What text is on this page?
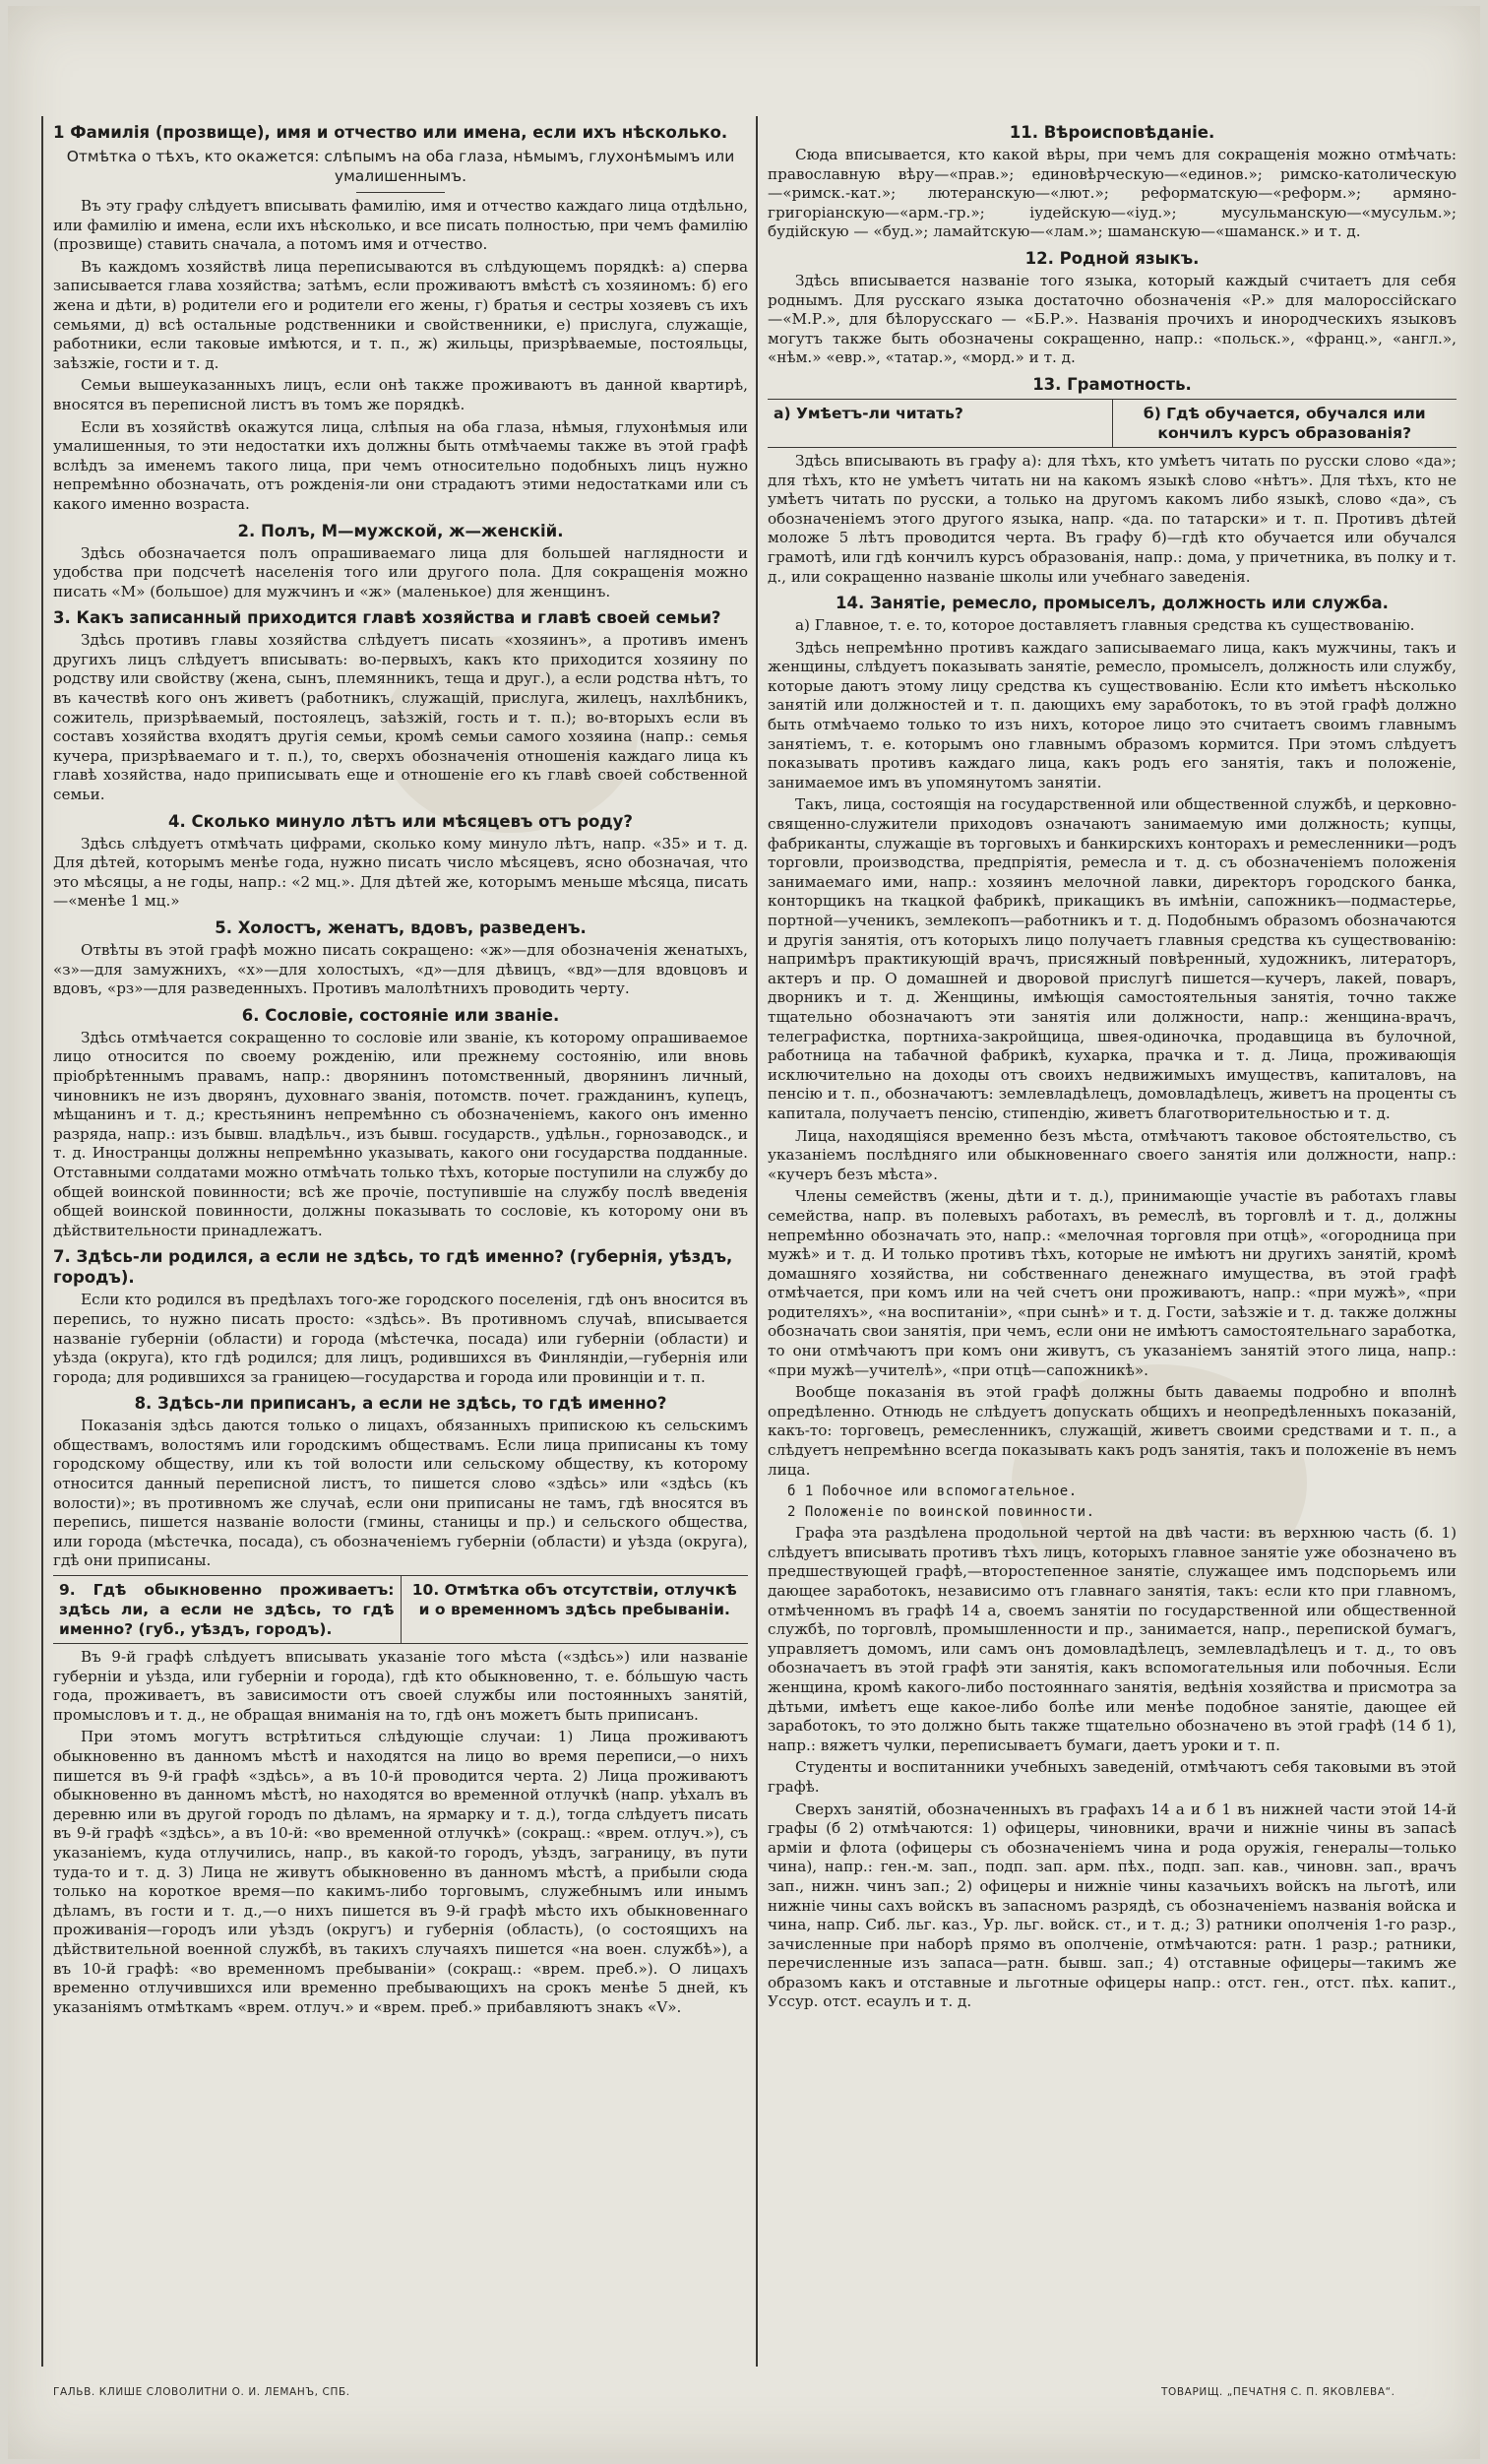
1 Фамилія (прозвище), имя и отчество или имена, если ихъ нѣсколько.
Отмѣтка о тѣхъ, кто окажется: слѣпымъ на оба глаза, нѣмымъ, глухонѣмымъ или умалишеннымъ.

Въ эту графу слѣдуетъ вписывать фамилію, имя и отчество каждаго лица отдѣльно, или фамилію и имена, если ихъ нѣсколько, и все писать полностью, при чемъ фамилію (прозвище) ставить сначала, а потомъ имя и отчество.

Въ каждомъ хозяйствѣ лица переписываются въ слѣдующемъ порядкѣ: а) сперва записывается глава хозяйства; затѣмъ, если проживаютъ вмѣстѣ съ хозяиномъ: б) его жена и дѣти, в) родители его и родители его жены, г) братья и сестры хозяевъ съ ихъ семьями, д) всѣ остальные родственники и свойственники, е) прислуга, служащіе, работники, если таковые имѣются, и т. п., ж) жильцы, призрѣваемые, постояльцы, заѣзжіе, гости и т. д.

Семьи вышеуказанныхъ лицъ, если онѣ также проживаютъ въ данной квартирѣ, вносятся въ переписной листъ въ томъ же порядкѣ.

Если въ хозяйствѣ окажутся лица, слѣпыя на оба глаза, нѣмыя, глухонѣмыя или умалишенныя, то эти недостатки ихъ должны быть отмѣчаемы также въ этой графѣ вслѣдъ за именемъ такого лица, при чемъ относительно подобныхъ лицъ нужно непремѣнно обозначать, отъ рожденія-ли они страдаютъ этими недостатками или съ какого именно возраста.

2. Полъ, М—мужской, ж—женскій.

Здѣсь обозначается полъ опрашиваемаго лица для большей наглядности и удобства при подсчетѣ населенія того или другого пола. Для сокращенія можно писать «М» (большое) для мужчинъ и «ж» (маленькое) для женщинъ.

3. Какъ записанный приходится главѣ хозяйства и главѣ своей семьи?

Здѣсь противъ главы хозяйства слѣдуетъ писать «хозяинъ», а противъ именъ другихъ лицъ слѣдуетъ вписывать: во-первыхъ, какъ кто приходится хозяину по родству или свойству (жена, сынъ, племянникъ, теща и друг.), а если родства нѣтъ, то въ качествѣ кого онъ живетъ (работникъ, служащій, прислуга, жилецъ, нахлѣбникъ, сожитель, призрѣваемый, постоялецъ, заѣзжій, гость и т. п.); во-вторыхъ если въ составъ хозяйства входятъ другія семьи, кромѣ семьи самого хозяина (напр.: семья кучера, призрѣваемаго и т. п.), то, сверхъ обозначенія отношенія каждаго лица къ главѣ хозяйства, надо приписывать еще и отношеніе его къ главѣ своей собственной семьи.

4. Сколько минуло лѣтъ или мѣсяцевъ отъ роду?

Здѣсь слѣдуетъ отмѣчать цифрами, сколько кому минуло лѣтъ, напр. «35» и т. д. Для дѣтей, которымъ менѣе года, нужно писать число мѣсяцевъ, ясно обозначая, что это мѣсяцы, а не годы, напр.: «2 мц.». Для дѣтей же, которымъ меньше мѣсяца, писать—«менѣе 1 мц.»

5. Холостъ, женатъ, вдовъ, разведенъ.

Отвѣты въ этой графѣ можно писать сокращено: «ж»—для обозначенія женатыхъ, «з»—для замужнихъ, «х»—для холостыхъ, «д»—для дѣвицъ, «вд»—для вдовцовъ и вдовъ, «рз»—для разведенныхъ. Противъ малолѣтнихъ проводить черту.

6. Сословіе, состояніе или званіе.

Здѣсь отмѣчается сокращенно то сословіе или званіе, къ которому опрашиваемое лицо относится по своему рожденію, или прежнему состоянію, или вновь пріобрѣтеннымъ правамъ, напр.: дворянинъ потомственный, дворянинъ личный, чиновникъ не изъ дворянъ, духовнаго званія, потомств. почет. гражданинъ, купецъ, мѣщанинъ и т. д.; крестьянинъ непремѣнно съ обозначеніемъ, какого онъ именно разряда, напр.: изъ бывш. владѣльч., изъ бывш. государств., удѣльн., горнозаводск., и т. д. Иностранцы должны непремѣнно указывать, какого они государства подданные. Отставными солдатами можно отмѣчать только тѣхъ, которые поступили на службу до общей воинской повинности; всѣ же прочіе, поступившіе на службу послѣ введенія общей воинской повинности, должны показывать то сословіе, къ которому они въ дѣйствительности принадлежатъ.

7. Здѣсь-ли родился, а если не здѣсь, то гдѣ именно? (губернія, уѣздъ, городъ).

Если кто родился въ предѣлахъ того-же городского поселенія, гдѣ онъ вносится въ перепись, то нужно писать просто: «здѣсь». Въ противномъ случаѣ, вписывается названіе губерніи (области) и города (мѣстечка, посада) или губерніи (области) и уѣзда (округа), кто гдѣ родился; для лицъ, родившихся въ Финляндіи,—губернія или города; для родившихся за границею—государства и города или провинціи и т. п.

8. Здѣсь-ли приписанъ, а если не здѣсь, то гдѣ именно?

Показанія здѣсь даются только о лицахъ, обязанныхъ припискою къ сельскимъ обществамъ, волостямъ или городскимъ обществамъ. Если лица приписаны къ тому городскому обществу, или къ той волости или сельскому обществу, къ которому относится данный переписной листъ, то пишется слово «здѣсь» или «здѣсь (къ волости)»; въ противномъ же случаѣ, если они приписаны не тамъ, гдѣ вносятся въ перепись, пишется названіе волости (гмины, станицы и пр.) и сельского общества, или города (мѣстечка, посада), съ обозначеніемъ губерніи (области) и уѣзда (округа), гдѣ они приписаны.

9. Гдѣ обыкновенно проживаетъ: здѣсь ли, а если не здѣсь, то гдѣ именно? (губ., уѣздъ, городъ).
10. Отмѣтка объ отсутствіи, отлучкѣ и о временномъ здѣсь пребываніи.

Въ 9-й графѣ слѣдуетъ вписывать указаніе того мѣста («здѣсь») или названіе губерніи и уѣзда, или губерніи и города), гдѣ кто обыкновенно, т. е. бо́льшую часть года, проживаетъ, въ зависимости отъ своей службы или постоянныхъ занятій, промысловъ и т. д., не обращая вниманія на то, гдѣ онъ можетъ быть приписанъ.

При этомъ могутъ встрѣтиться слѣдующіе случаи: 1) Лица проживаютъ обыкновенно въ данномъ мѣстѣ и находятся на лицо во время переписи,—о нихъ пишется въ 9-й графѣ «здѣсь», а въ 10-й проводится черта. 2) Лица проживаютъ обыкновенно въ данномъ мѣстѣ, но находятся во временной отлучкѣ (напр. уѣхалъ въ деревню или въ другой городъ по дѣламъ, на ярмарку и т. д.), тогда слѣдуетъ писать въ 9-й графѣ «здѣсь», а въ 10-й: «во временной отлучкѣ» (сокращ.: «врем. отлуч.»), съ указаніемъ, куда отлучились, напр., въ какой-то городъ, уѣздъ, заграницу, въ пути туда-то и т. д. 3) Лица не живутъ обыкновенно въ данномъ мѣстѣ, а прибыли сюда только на короткое время—по какимъ-либо торговымъ, служебнымъ или инымъ дѣламъ, въ гости и т. д.,—о нихъ пишется въ 9-й графѣ мѣсто ихъ обыкновеннаго проживанія—городъ или уѣздъ (округъ) и губернія (область), (о состоящихъ на дѣйствительной военной службѣ, въ такихъ случаяхъ пишется «на воен. службѣ»), а въ 10-й графѣ: «во временномъ пребываніи» (сокращ.: «врем. преб.»). О лицахъ временно отлучившихся или временно пребывающихъ на срокъ менѣе 5 дней, къ указаніямъ отмѣткамъ «врем. отлуч.» и «врем. преб.» прибавляютъ знакъ «V».

11. Вѣроисповѣданіе.

Сюда вписывается, кто какой вѣры, при чемъ для сокращенія можно отмѣчать: православную вѣру—«прав.»; единовѣрческую—«единов.»; римско-католическую—«римск.-кат.»; лютеранскую—«лют.»; реформатскую—«реформ.»; армяно-григоріанскую—«арм.-гр.»; іудейскую—«іуд.»; мусульманскую—«мусульм.»; будійскую — «буд.»; ламайтскую—«лам.»; шаманскую—«шаманск.» и т. д.

12. Родной языкъ.

Здѣсь вписывается названіе того языка, который каждый считаетъ для себя роднымъ. Для русскаго языка достаточно обозначенія «Р.» для малороссійскаго—«М.Р.», для бѣлорусскаго — «Б.Р.». Названія прочихъ и инородческихъ языковъ могутъ также быть обозначены сокращенно, напр.: «польск.», «франц.», «англ.», «нѣм.» «евр.», «татар.», «морд.» и т. д.

13. Грамотность.
а) Умѣетъ-ли читать?	б) Гдѣ обучается, обучался или кончилъ курсъ образованія?

Здѣсь вписывають въ графу а): для тѣхъ, кто умѣетъ читать по русски слово «да»; для тѣхъ, кто не умѣетъ читать ни на какомъ языкѣ слово «нѣтъ». Для тѣхъ, кто не умѣетъ читать по русски, а только на другомъ какомъ либо языкѣ, слово «да», съ обозначеніемъ этого другого языка, напр. «да. по татарски» и т. п. Противъ дѣтей моложе 5 лѣтъ проводится черта. Въ графу б)—гдѣ кто обучается или обучался грамотѣ, или гдѣ кончилъ курсъ образованія, напр.: дома, у причетника, въ полку и т. д., или сокращенно названіе школы или учебнаго заведенія.

14. Занятіе, ремесло, промыселъ, должность или служба.

а) Главное, т. е. то, которое доставляетъ главныя средства къ существованію.

Здѣсь непремѣнно противъ каждаго записываемаго лица, какъ мужчины, такъ и женщины, слѣдуетъ показывать занятіе, ремесло, промыселъ, должность или службу, которые даютъ этому лицу средства къ существованію. Если кто имѣетъ нѣсколько занятій или должностей и т. п. дающихъ ему заработокъ, то въ этой графѣ должно быть отмѣчаемо только то изъ нихъ, которое лицо это считаетъ своимъ главнымъ занятіемъ, т. е. которымъ оно главнымъ образомъ кормится. При этомъ слѣдуетъ показывать противъ каждаго лица, какъ родъ его занятія, такъ и положеніе, занимаемое имъ въ упомянутомъ занятіи.

Такъ, лица, состоящія на государственной или общественной службѣ, и церковно-священно-служители приходовъ означаютъ занимаемую ими должность; купцы, фабриканты, служащіе въ торговыхъ и банкирскихъ конторахъ и ремесленники—родъ торговли, производства, предпріятія, ремесла и т. д. съ обозначеніемъ положенія занимаемаго ими, напр.: хозяинъ мелочной лавки, директоръ городского банка, конторщикъ на ткацкой фабрикѣ, прикащикъ въ имѣніи, сапожникъ—подмастерье, портной—ученикъ, землекопъ—работникъ и т. д. Подобнымъ образомъ обозначаются и другія занятія, отъ которыхъ лицо получаетъ главныя средства къ существованію: напримѣръ практикующій врачъ, присяжный повѣренный, художникъ, литераторъ, актеръ и пр. О домашней и дворовой прислугѣ пишется—кучеръ, лакей, поваръ, дворникъ и т. д. Женщины, имѣющія самостоятельныя занятія, точно также тщательно обозначаютъ эти занятія или должности, напр.: женщина-врачъ, телеграфистка, портниха-закройщица, швея-одиночка, продавщица въ булочной, работница на табачной фабрикѣ, кухарка, прачка и т. д. Лица, проживающія исключительно на доходы отъ своихъ недвижимыхъ имуществъ, капиталовъ, на пенсію и т. п., обозначаютъ: землевладѣлецъ, домовладѣлецъ, живетъ на проценты съ капитала, получаетъ пенсію, стипендію, живетъ благотворительностью и т. д.

Лица, находящіяся временно безъ мѣста, отмѣчаютъ таковое обстоятельство, съ указаніемъ послѣдняго или обыкновеннаго своего занятія или должности, напр.: «кучеръ безъ мѣста».

Члены семействъ (жены, дѣти и т. д.), принимающіе участіе въ работахъ главы семейства, напр. въ полевыхъ работахъ, въ ремеслѣ, въ торговлѣ и т. д., должны непремѣнно обозначать это, напр.: «мелочная торговля при отцѣ», «огородница при мужѣ» и т. д. И только противъ тѣхъ, которые не имѣютъ ни другихъ занятій, кромѣ домашняго хозяйства, ни собственнаго денежнаго имущества, въ этой графѣ отмѣчается, при комъ или на чей счетъ они проживаютъ, напр.: «при мужѣ», «при родителяхъ», «на воспитаніи», «при сынѣ» и т. д. Гости, заѣзжіе и т. д. также должны обозначать свои занятія, при чемъ, если они не имѣютъ самостоятельнаго заработка, то они отмѣчаютъ при комъ они живутъ, съ указаніемъ занятій этого лица, напр.: «при мужѣ—учителѣ», «при отцѣ—сапожникѣ».

Вообще показанія въ этой графѣ должны быть даваемы подробно и вполнѣ опредѣленно. Отнюдь не слѣдуетъ допускать общихъ и неопредѣленныхъ показаній, какъ-то: торговецъ, ремесленникъ, служащій, живетъ своими средствами и т. п., а слѣдуетъ непремѣнно всегда показывать какъ родъ занятія, такъ и положеніе въ немъ лица.

б 1 Побочное или вспомогательное.
2 Положеніе по воинской повинности.

Графа эта раздѣлена продольной чертой на двѣ части: въ верхнюю часть (б. 1) слѣдуетъ вписывать противъ тѣхъ лицъ, которыхъ главное занятіе уже обозначено въ предшествующей графѣ,—второстепенное занятіе, служащее имъ подспорьемъ или дающее заработокъ, независимо отъ главнаго занятія, такъ: если кто при главномъ, отмѣченномъ въ графѣ 14 а, своемъ занятіи по государственной или общественной службѣ, по торговлѣ, промышленности и пр., занимается, напр., перепиской бумагъ, управляетъ домомъ, или самъ онъ домовладѣлецъ, землевладѣлецъ и т. д., то овъ обозначаетъ въ этой графѣ эти занятія, какъ вспомогательныя или побочныя. Если женщина, кромѣ какого-либо постояннаго занятія, ведѣнія хозяйства и присмотра за дѣтьми, имѣетъ еще какое-либо болѣе или менѣе подобное занятіе, дающее ей заработокъ, то это должно быть также тщательно обозначено въ этой графѣ (14 б 1), напр.: вяжетъ чулки, переписываетъ бумаги, даетъ уроки и т. п.

Студенты и воспитанники учебныхъ заведеній, отмѣчаютъ себя таковыми въ этой графѣ.

Сверхъ занятій, обозначенныхъ въ графахъ 14 а и б 1 въ нижней части этой 14-й графы (б 2) отмѣчаются: 1) офицеры, чиновники, врачи и нижніе чины въ запасѣ арміи и флота (офицеры съ обозначеніемъ чина и рода оружія, генералы—только чина), напр.: ген.-м. зап., подп. зап. арм. пѣх., подп. зап. кав., чиновн. зап., врачъ зап., нижн. чинъ зап.; 2) офицеры и нижніе чины казачьихъ войскъ на льготѣ, или нижніе чины сахъ войскъ въ запасномъ разрядѣ, съ обозначеніемъ названія войска и чина, напр. Сиб. льг. каз., Ур. льг. войск. ст., и т. д.; 3) ратники ополченія 1-го разр., зачисленные при наборѣ прямо въ ополченіе, отмѣчаются: ратн. 1 разр.; ратники, перечисленные изъ запаса—ратн. бывш. зап.; 4) отставные офицеры—такимъ же образомъ какъ и отставные и льготные офицеры напр.: отст. ген., отст. пѣх. капит., Уссур. отст. есаулъ и т. д.

ГАЛЬВ. КЛИШЕ СЛОВОЛИТНИ О. И. ЛЕМАНЪ, СПБ.	ТОВАРИЩ. „ПЕЧАТНЯ С. П. ЯКОВЛЕВА“.
